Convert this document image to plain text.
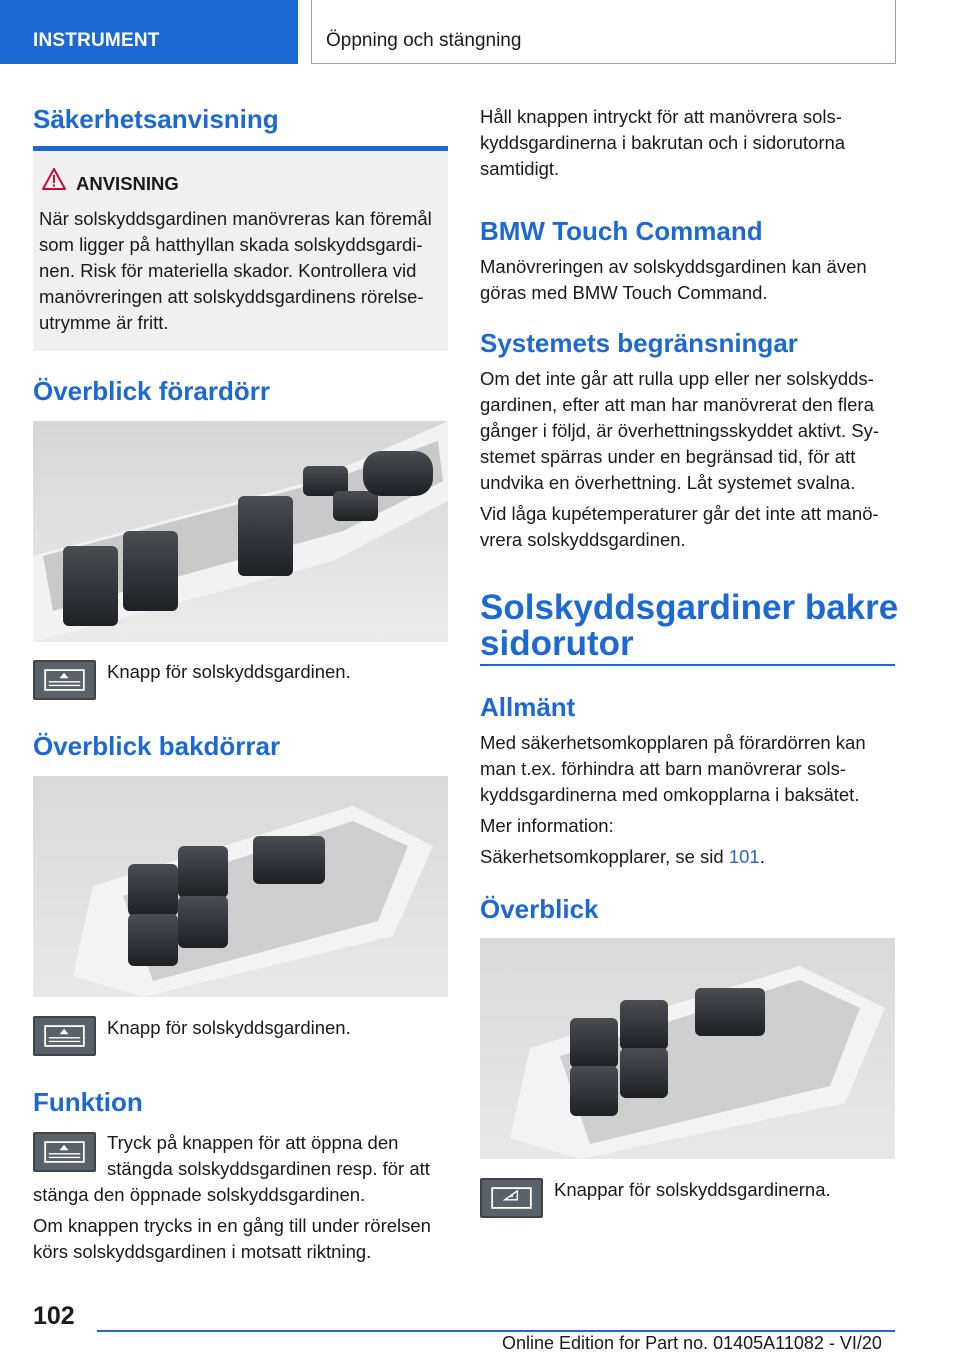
INSTRUMENT	Öppning och stängning
Säkerhetsanvisning
ANVISNING
När solskyddsgardinen manövreras kan föremål
som ligger på hatthyllan skada solskyddsgardi-
nen. Risk för materiella skador. Kontrollera vid
manövreringen att solskyddsgardinens rörelse-
utrymme är fritt.
Överblick förardörr
Knapp för solskyddsgardinen.
Överblick bakdörrar
Knapp för solskyddsgardinen.
Funktion
Tryck på knappen för att öppna den
stängda solskyddsgardinen resp. för att
stänga den öppnade solskyddsgardinen.
Om knappen trycks in en gång till under rörelsen
körs solskyddsgardinen i motsatt riktning.
Håll knappen intryckt för att manövrera sols-
kyddsgardinerna i bakrutan och i sidorutorna
samtidigt.
BMW Touch Command
Manövreringen av solskyddsgardinen kan även
göras med BMW Touch Command.
Systemets begränsningar
Om det inte går att rulla upp eller ner solskydds-
gardinen, efter att man har manövrerat den flera
gånger i följd, är överhettningsskyddet aktivt. Sy-
stemet spärras under en begränsad tid, för att
undvika en överhettning. Låt systemet svalna.
Vid låga kupétemperaturer går det inte att manö-
vrera solskyddsgardinen.
Solskyddsgardiner bakre
sidorutor
Allmänt
Med säkerhetsomkopplaren på förardörren kan
man t.ex. förhindra att barn manövrerar sols-
kyddsgardinerna med omkopplarna i baksätet.
Mer information:
Säkerhetsomkopplarer, se sid 101.
Överblick
Knappar för solskyddsgardinerna.
102
Online Edition for Part no. 01405A11082 - VI/20
